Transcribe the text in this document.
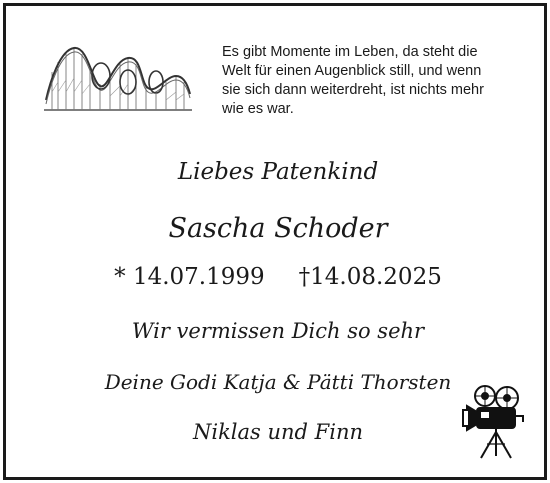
Es gibt Momente im Leben, da steht die
Welt für einen Augenblick still, und wenn
sie sich dann weiterdreht, ist nichts mehr
wie es war.
Liebes Patenkind
Sascha Schoder
* 14.07.1999 †14.08.2025
Wir vermissen Dich so sehr
Deine Godi Katja & Pätti Thorsten
Niklas und Finn
